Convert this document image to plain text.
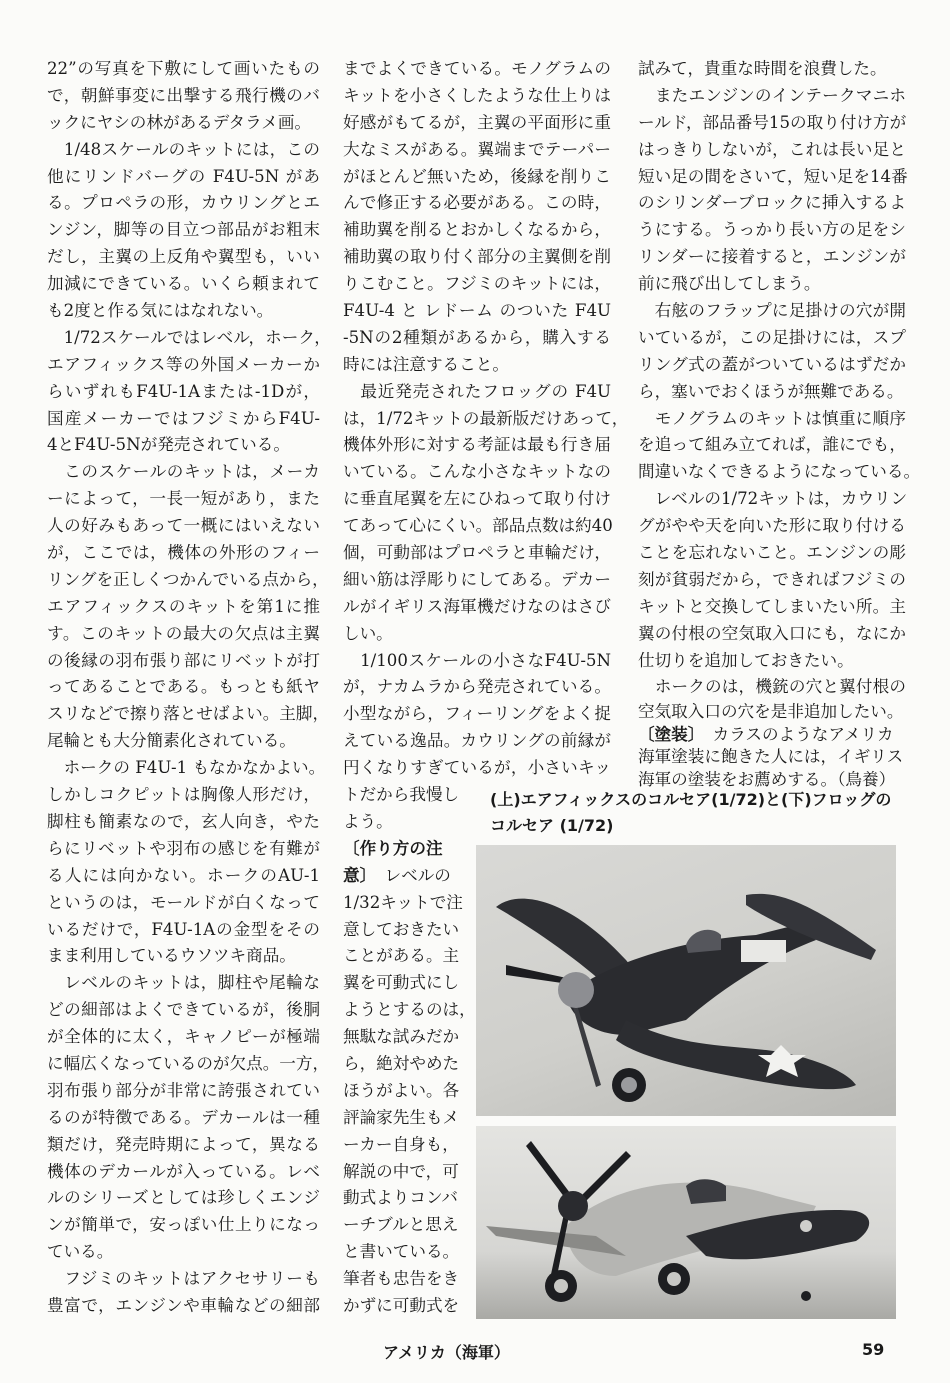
22”の写真を下敷にして画いたもの
で，朝鮮事変に出撃する飛行機のバ
ックにヤシの林があるデタラメ画。
　1/48スケールのキットには，この
他にリンドバーグの F4U-5N があ
る。プロペラの形，カウリングとエ
ンジン，脚等の目立つ部品がお粗末
だし，主翼の上反角や翼型も，いい
加減にできている。いくら頼まれて
も2度と作る気にはなれない。
　1/72スケールではレベル，ホーク，
エアフィックス等の外国メーカーか
らいずれもF4U-1Aまたは-1Dが，
国産メーカーではフジミからF4U-
4とF4U-5Nが発売されている。
　このスケールのキットは，メーカ
ーによって，一長一短があり，また
人の好みもあって一概にはいえない
が，ここでは，機体の外形のフィー
リングを正しくつかんでいる点から，
エアフィックスのキットを第1に推
す。このキットの最大の欠点は主翼
の後縁の羽布張り部にリベットが打
ってあることである。もっとも紙ヤ
スリなどで擦り落とせばよい。主脚，
尾輪とも大分簡素化されている。
　ホークの F4U-1 もなかなかよい。
しかしコクピットは胸像人形だけ，
脚柱も簡素なので，玄人向き，やた
らにリベットや羽布の感じを有難が
る人には向かない。ホークのAU-1
というのは，モールドが白くなって
いるだけで，F4U-1Aの金型をその
まま利用しているウソツキ商品。
　レベルのキットは，脚柱や尾輪な
どの細部はよくできているが，後胴
が全体的に太く，キャノピーが極端
に幅広くなっているのが欠点。一方，
羽布張り部分が非常に誇張されてい
るのが特徴である。デカールは一種
類だけ，発売時期によって，異なる
機体のデカールが入っている。レベ
ルのシリーズとしては珍しくエンジ
ンが簡単で，安っぽい仕上りになっ
ている。
　フジミのキットはアクセサリーも
豊富で，エンジンや車輪などの細部
までよくできている。モノグラムの
キットを小さくしたような仕上りは
好感がもてるが，主翼の平面形に重
大なミスがある。翼端までテーパー
がほとんど無いため，後縁を削りこ
んで修正する必要がある。この時，
補助翼を削るとおかしくなるから，
補助翼の取り付く部分の主翼側を削
りこむこと。フジミのキットには，
F4U-4 と レドーム のついた F4U
-5Nの2種類があるから，購入する
時には注意すること。
　最近発売されたフロッグの F4U
は，1/72キットの最新版だけあって，
機体外形に対する考証は最も行き届
いている。こんな小さなキットなの
に垂直尾翼を左にひねって取り付け
てあって心にくい。部品点数は約40
個，可動部はプロペラと車輪だけ，
細い筋は浮彫りにしてある。デカー
ルがイギリス海軍機だけなのはさび
しい。
　1/100スケールの小さなF4U-5N
が，ナカムラから発売されている。
小型ながら，フィーリングをよく捉
えている逸品。カウリングの前縁が
円くなりすぎているが，小さいキッ
トだから我慢し
よう。
〔作り方の注
意〕　レベルの
1/32キットで注
意しておきたい
ことがある。主
翼を可動式にし
ようとするのは，
無駄な試みだか
ら，絶対やめた
ほうがよい。各
評論家先生もメ
ーカー自身も，
解説の中で，可
動式よりコンバ
ーチブルと思え
と書いている。
筆者も忠告をき
かずに可動式を
試みて，貴重な時間を浪費した。
　またエンジンのインテークマニホ
ールド，部品番号15の取り付け方が
はっきりしないが，これは長い足と
短い足の間をさいて，短い足を14番
のシリンダーブロックに挿入するよ
うにする。うっかり長い方の足をシ
リンダーに接着すると，エンジンが
前に飛び出してしまう。
　右舷のフラップに足掛けの穴が開
いているが，この足掛けには，スプ
リング式の蓋がついているはずだか
ら，塞いでおくほうが無難である。
　モノグラムのキットは慎重に順序
を追って組み立てれば，誰にでも，
間違いなくできるようになっている。
　レベルの1/72キットは，カウリン
グがやや天を向いた形に取り付ける
ことを忘れないこと。エンジンの彫
刻が貧弱だから，できればフジミの
キットと交換してしまいたい所。主
翼の付根の空気取入口にも，なにか
仕切りを追加しておきたい。
　ホークのは，機銃の穴と翼付根の
空気取入口の穴を是非追加したい。
〔塗装〕　カラスのようなアメリカ
海軍塗装に飽きた人には，イギリス
海軍の塗装をお薦めする。（鳥養）
(上)エアフィックスのコルセア(1/72)と(下)フロッグの
コルセア (1/72)
アメリカ（海軍）	59
